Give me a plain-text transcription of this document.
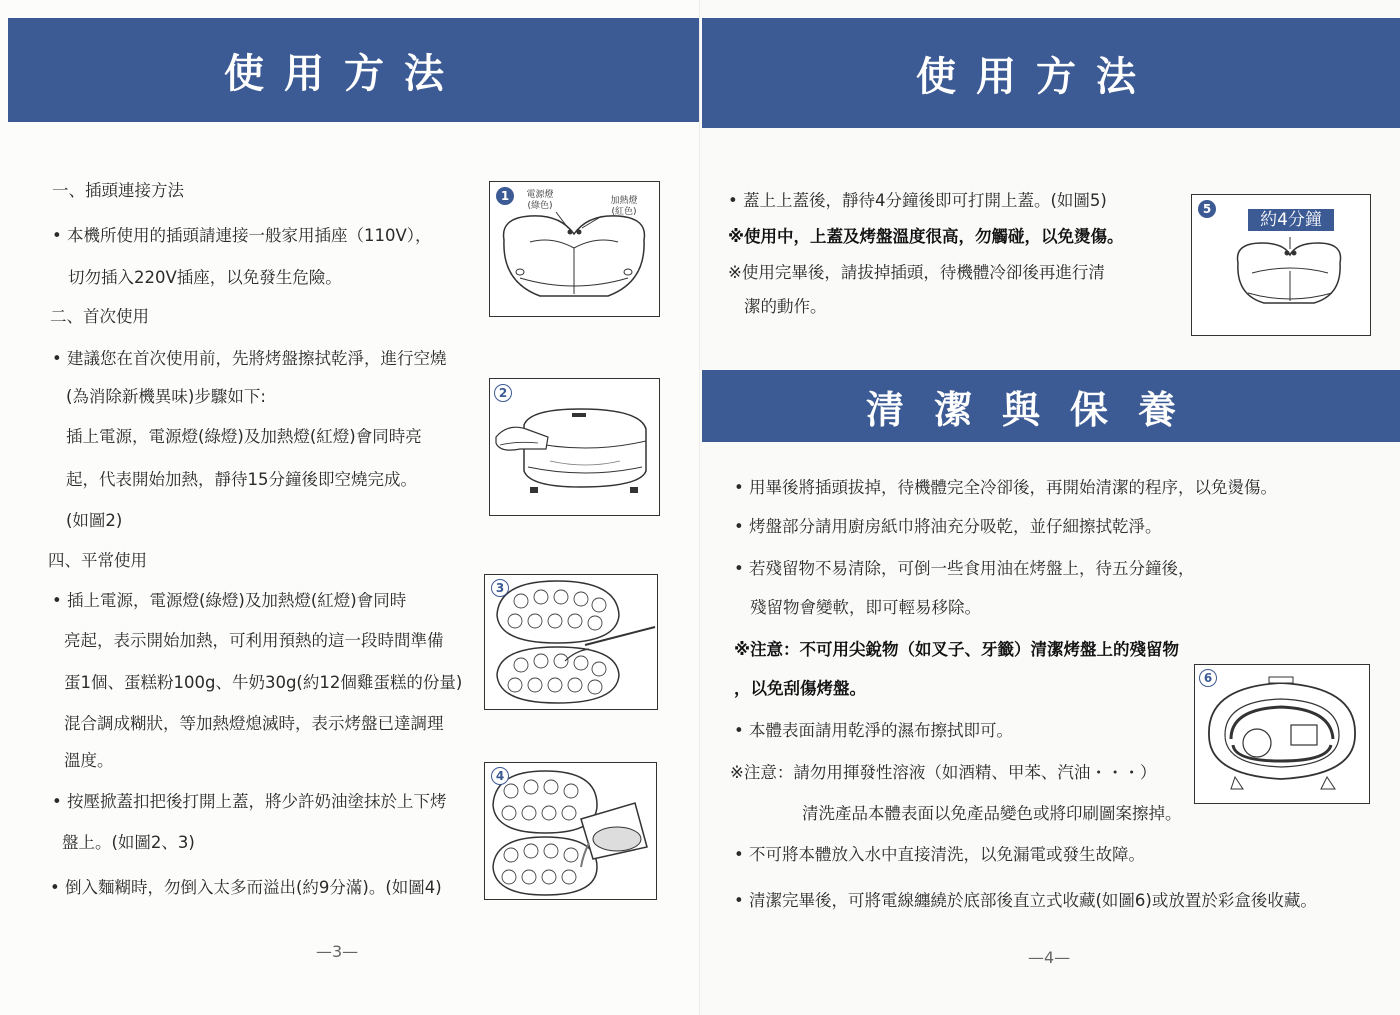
使用方法
一、插頭連接方法
• 本機所使用的插頭請連接一般家用插座（110V），
切勿插入220V插座，以免發生危險。
二、首次使用
• 建議您在首次使用前，先將烤盤擦拭乾淨，進行空燒
(為消除新機異味)步驟如下:
插上電源，電源燈(綠燈)及加熱燈(紅燈)會同時亮
起，代表開始加熱，靜待15分鐘後即空燒完成。
(如圖2)
四、平常使用
• 插上電源，電源燈(綠燈)及加熱燈(紅燈)會同時
亮起，表示開始加熱，可利用預熱的這一段時間準備
蛋1個、蛋糕粉100g、牛奶30g(約12個雞蛋糕的份量)
混合調成糊狀，等加熱燈熄滅時，表示烤盤已達調理
溫度。
• 按壓掀蓋扣把後打開上蓋，將少許奶油塗抹於上下烤
盤上。(如圖2、3)
• 倒入麵糊時，勿倒入太多而溢出(約9分滿)。(如圖4)
1	電源燈
(綠色)	加熱燈
(紅色)
2
3
4
—3—
使用方法
• 蓋上上蓋後，靜待4分鐘後即可打開上蓋。(如圖5)
※使用中，上蓋及烤盤溫度很高，勿觸碰，以免燙傷。
※使用完畢後，請拔掉插頭，待機體冷卻後再進行清
潔的動作。
5
約4分鐘
清潔與保養
• 用畢後將插頭拔掉，待機體完全冷卻後，再開始清潔的程序，以免燙傷。
• 烤盤部分請用廚房紙巾將油充分吸乾，並仔細擦拭乾淨。
• 若殘留物不易清除，可倒一些食用油在烤盤上，待五分鐘後，
殘留物會變軟，即可輕易移除。
※注意：不可用尖銳物（如叉子、牙籤）清潔烤盤上的殘留物
，以免刮傷烤盤。
• 本體表面請用乾淨的濕布擦拭即可。
※注意：請勿用揮發性溶液（如酒精、甲苯、汽油・・・）
清洗產品本體表面以免產品變色或將印刷圖案擦掉。
• 不可將本體放入水中直接清洗，以免漏電或發生故障。
• 清潔完畢後，可將電線纏繞於底部後直立式收藏(如圖6)或放置於彩盒後收藏。
6
—4—
